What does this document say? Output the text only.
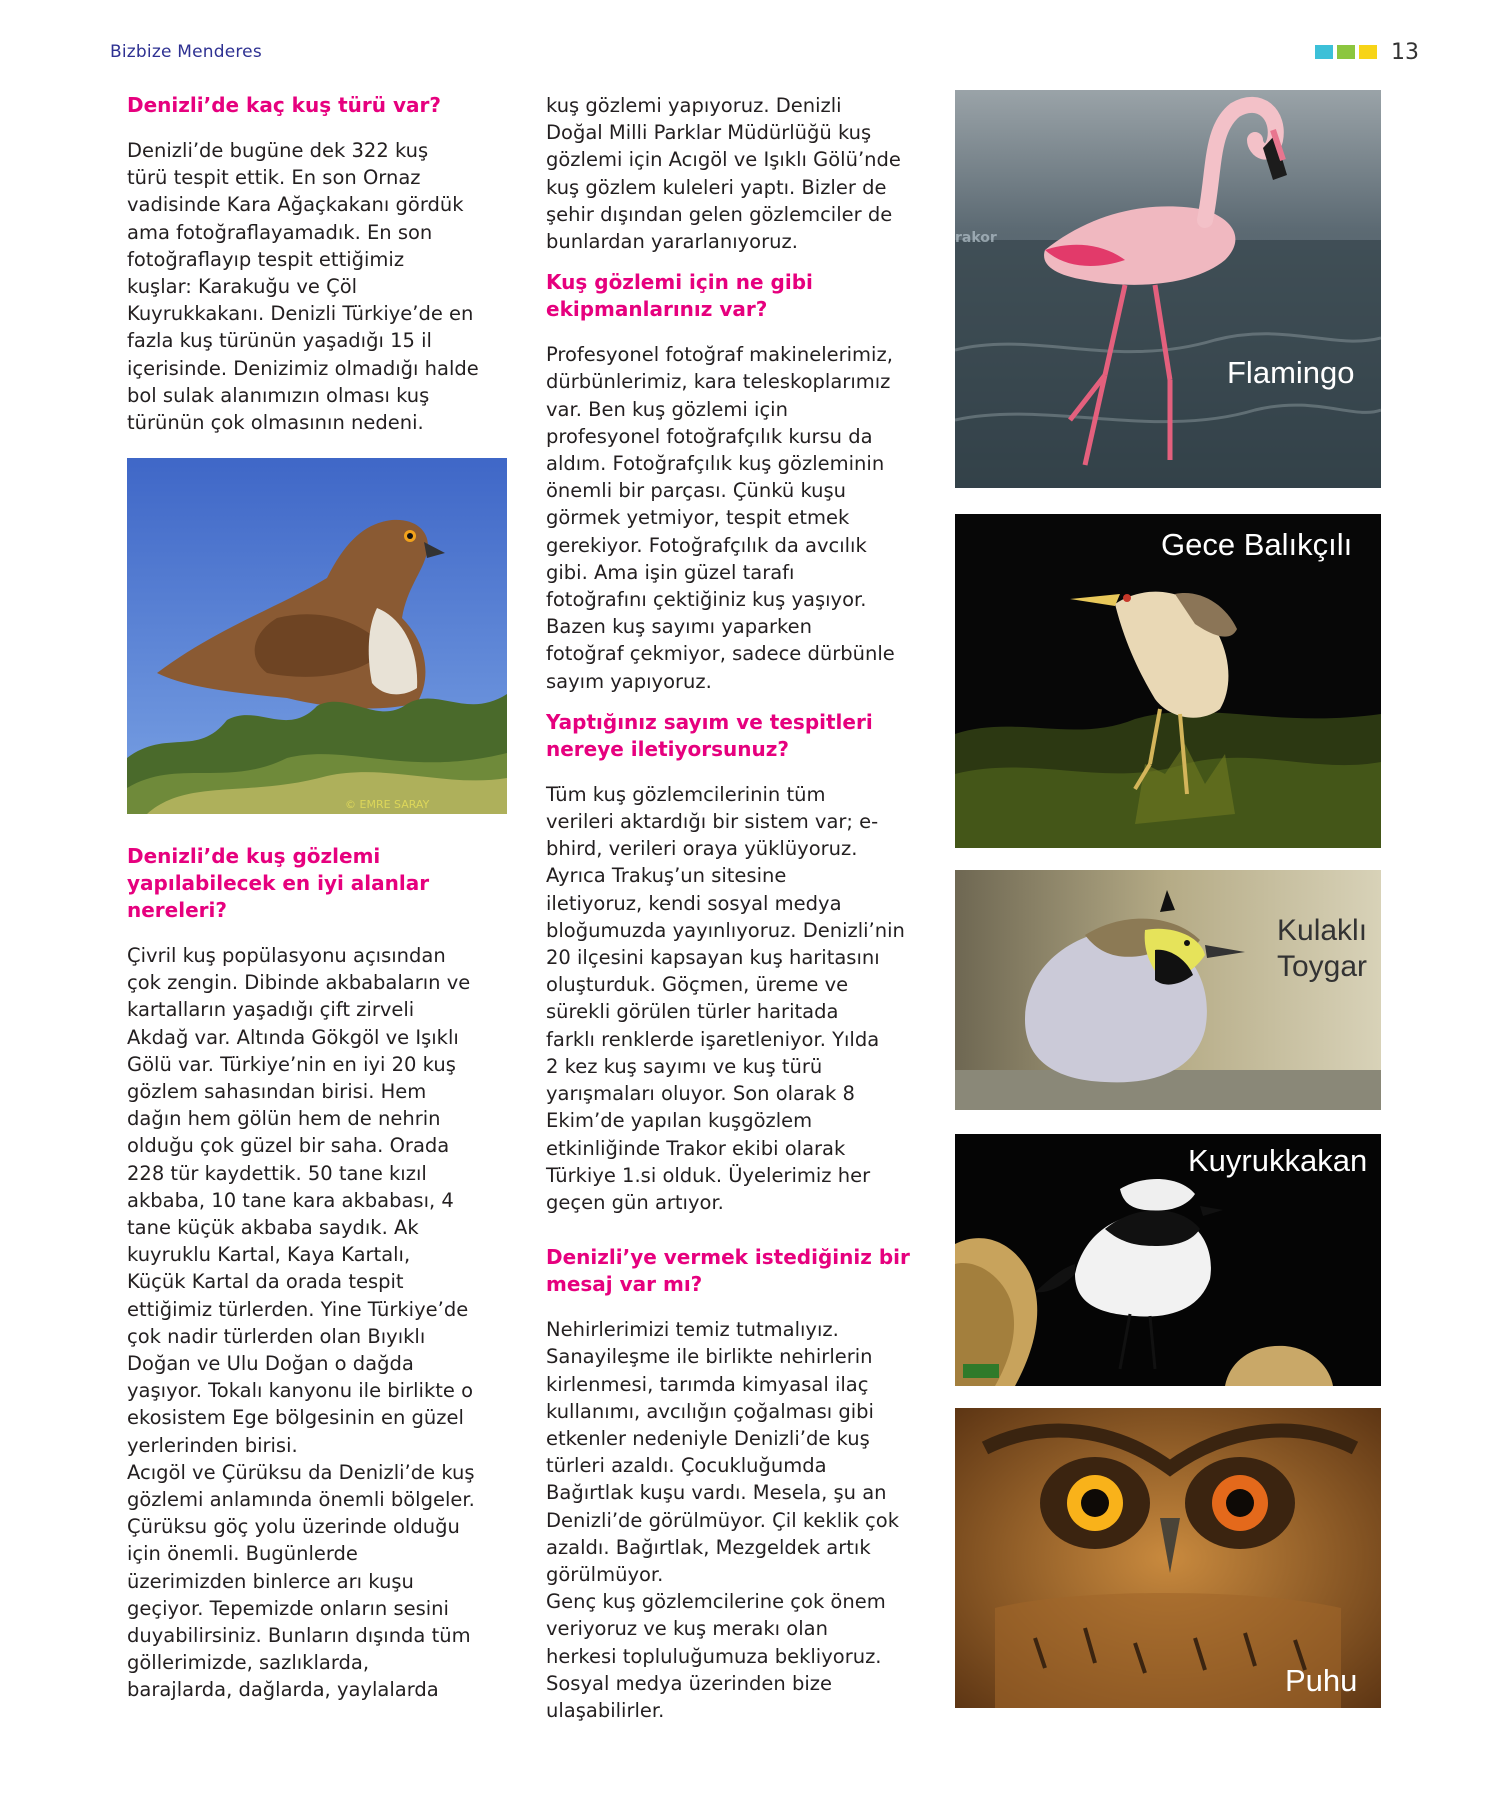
Bizbize Menderes	13
Denizli’de kaç kuş türü var?
Denizli’de bugüne dek 322 kuş
türü tespit ettik. En son Ornaz
vadisinde Kara Ağaçkakanı gördük
ama fotoğraflayamadık. En son
fotoğraflayıp tespit ettiğimiz
kuşlar: Karakuğu ve Çöl
Kuyrukkakanı. Denizli Türkiye’de en
fazla kuş türünün yaşadığı 15 il
içerisinde. Denizimiz olmadığı halde
bol sulak alanımızın olması kuş
türünün çok olmasının nedeni.
© EMRE SARAY
Denizli’de kuş gözlemi
yapılabilecek en iyi alanlar
nereleri?
Çivril kuş popülasyonu açısından
çok zengin. Dibinde akbabaların ve
kartalların yaşadığı çift zirveli
Akdağ var. Altında Gökgöl ve Işıklı
Gölü var. Türkiye’nin en iyi 20 kuş
gözlem sahasından birisi. Hem
dağın hem gölün hem de nehrin
olduğu çok güzel bir saha. Orada
228 tür kaydettik. 50 tane kızıl
akbaba, 10 tane kara akbabası, 4
tane küçük akbaba saydık. Ak
kuyruklu Kartal, Kaya Kartalı,
Küçük Kartal da orada tespit
ettiğimiz türlerden. Yine Türkiye’de
çok nadir türlerden olan Bıyıklı
Doğan ve Ulu Doğan o dağda
yaşıyor. Tokalı kanyonu ile birlikte o
ekosistem Ege bölgesinin en güzel
yerlerinden birisi.
Acıgöl ve Çürüksu da Denizli’de kuş
gözlemi anlamında önemli bölgeler.
Çürüksu göç yolu üzerinde olduğu
için önemli. Bugünlerde
üzerimizden binlerce arı kuşu
geçiyor. Tepemizde onların sesini
duyabilirsiniz. Bunların dışında tüm
göllerimizde, sazlıklarda,
barajlarda, dağlarda, yaylalarda
kuş gözlemi yapıyoruz. Denizli
Doğal Milli Parklar Müdürlüğü kuş
gözlemi için Acıgöl ve Işıklı Gölü’nde
kuş gözlem kuleleri yaptı. Bizler de
şehir dışından gelen gözlemciler de
bunlardan yararlanıyoruz.
Kuş gözlemi için ne gibi
ekipmanlarınız var?
Profesyonel fotoğraf makinelerimiz,
dürbünlerimiz, kara teleskoplarımız
var. Ben kuş gözlemi için
profesyonel fotoğrafçılık kursu da
aldım. Fotoğrafçılık kuş gözleminin
önemli bir parçası. Çünkü kuşu
görmek yetmiyor, tespit etmek
gerekiyor. Fotoğrafçılık da avcılık
gibi. Ama işin güzel tarafı
fotoğrafını çektiğiniz kuş yaşıyor.
Bazen kuş sayımı yaparken
fotoğraf çekmiyor, sadece dürbünle
sayım yapıyoruz.
Yaptığınız sayım ve tespitleri
nereye iletiyorsunuz?
Tüm kuş gözlemcilerinin tüm
verileri aktardığı bir sistem var; e-
bhird, verileri oraya yüklüyoruz.
Ayrıca Trakuş’un sitesine
iletiyoruz, kendi sosyal medya
bloğumuzda yayınlıyoruz. Denizli’nin
20 ilçesini kapsayan kuş haritasını
oluşturduk. Göçmen, üreme ve
sürekli görülen türler haritada
farklı renklerde işaretleniyor. Yılda
2 kez kuş sayımı ve kuş türü
yarışmaları oluyor. Son olarak 8
Ekim’de yapılan kuşgözlem
etkinliğinde Trakor ekibi olarak
Türkiye 1.si olduk. Üyelerimiz her
geçen gün artıyor.
Denizli’ye vermek istediğiniz bir
mesaj var mı?
Nehirlerimizi temiz tutmalıyız.
Sanayileşme ile birlikte nehirlerin
kirlenmesi, tarımda kimyasal ilaç
kullanımı, avcılığın çoğalması gibi
etkenler nedeniyle Denizli’de kuş
türleri azaldı. Çocukluğumda
Bağırtlak kuşu vardı. Mesela, şu an
Denizli’de görülmüyor. Çil keklik çok
azaldı. Bağırtlak, Mezgeldek artık
görülmüyor.
Genç kuş gözlemcilerine çok önem
veriyoruz ve kuş merakı olan
herkesi topluluğumuza bekliyoruz.
Sosyal medya üzerinden bize
ulaşabilirler.
rakor
Flamingo
Gece Balıkçılı
Kulaklı
Toygar
Kuyrukkakan
Puhu
